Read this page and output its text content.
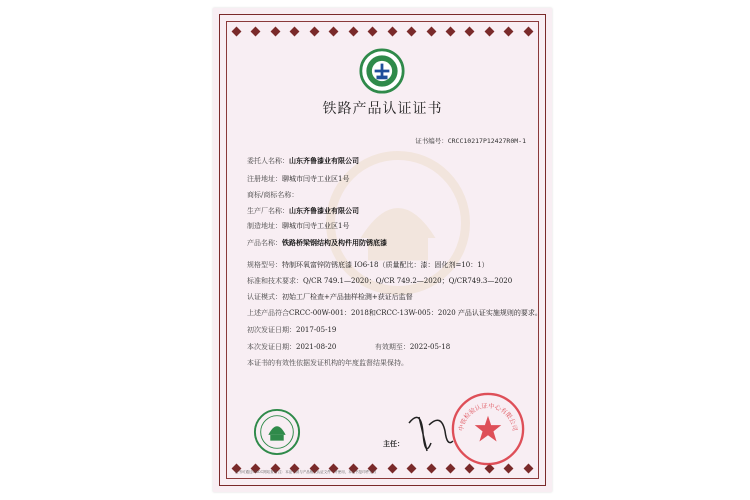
铁路产品认证证书
证书编号：CRCC10217P12427R0M-1
委托人名称：山东齐鲁漆业有限公司
注册地址：聊城市闫寺工业区1号
商标/商标名称：
生产厂名称：山东齐鲁漆业有限公司
制造地址：聊城市闫寺工业区1号
产品名称：铁路桥梁钢结构及构件用防锈底漆
规格型号：特制环氧富锌防锈底漆 IO6-18（质量配比：漆：固化剂=10：1）
标准和技术要求：Q/CR 749.1—2020；Q/CR 749.2—2020；Q/CR749.3—2020
认证模式：初始工厂检查+产品抽样检测+获证后监督
上述产品符合CRCC-00W-001：2018和CRCC-13W-005：2020 产品认证实施规则的要求。
初次发证日期：2017-05-19
本次发证日期：2021-08-20	有效期至：2022-05-18
本证书的有效性依据发证机构的年度监督结果保持。
主任：
中铁检验认证中心有限公司
证书可通过CRCC网站查询 注：本证书须与产品相关认证文件一并使用，本证书复印件无效
